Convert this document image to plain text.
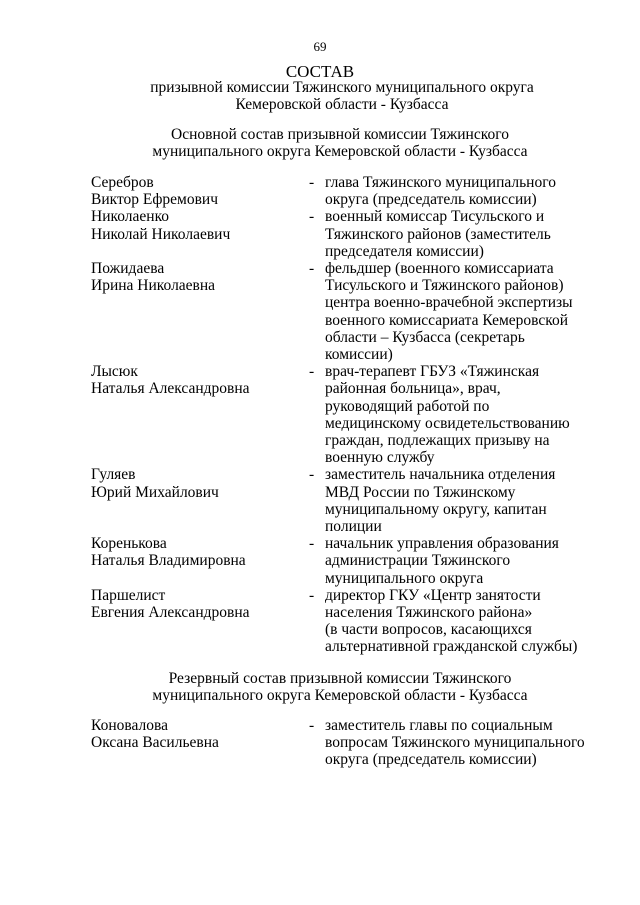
69
СОСТАВ
призывной комиссии Тяжинского муниципального округа
Кемеровской области - Кузбасса
Основной состав призывной комиссии Тяжинского
муниципального округа Кемеровской области - Кузбасса
Серебров
Виктор Ефремович
- глава Тяжинского муниципального
округа (председатель комиссии)
Николаенко
Николай Николаевич
- военный комиссар Тисульского и
Тяжинского районов (заместитель
председателя комиссии)
Пожидаева
Ирина Николаевна
- фельдшер (военного комиссариата
Тисульского и Тяжинского районов)
центра военно-врачебной экспертизы
военного комиссариата Кемеровской
области – Кузбасса (секретарь
комиссии)
Лысюк
Наталья Александровна
- врач-терапевт ГБУЗ «Тяжинская
районная больница», врач,
руководящий работой по
медицинскому освидетельствованию
граждан, подлежащих призыву на
военную службу
Гуляев
Юрий Михайлович
- заместитель начальника отделения
МВД России по Тяжинскому
муниципальному округу, капитан
полиции
Коренькова
Наталья Владимировна
- начальник управления образования
администрации Тяжинского
муниципального округа
Паршелист
Евгения Александровна
- директор ГКУ «Центр занятости
населения Тяжинского района»
(в части вопросов, касающихся
альтернативной гражданской службы)
Резервный состав призывной комиссии Тяжинского
муниципального округа Кемеровской области - Кузбасса
Коновалова
Оксана Васильевна
- заместитель главы по социальным
вопросам Тяжинского муниципального
округа (председатель комиссии)
